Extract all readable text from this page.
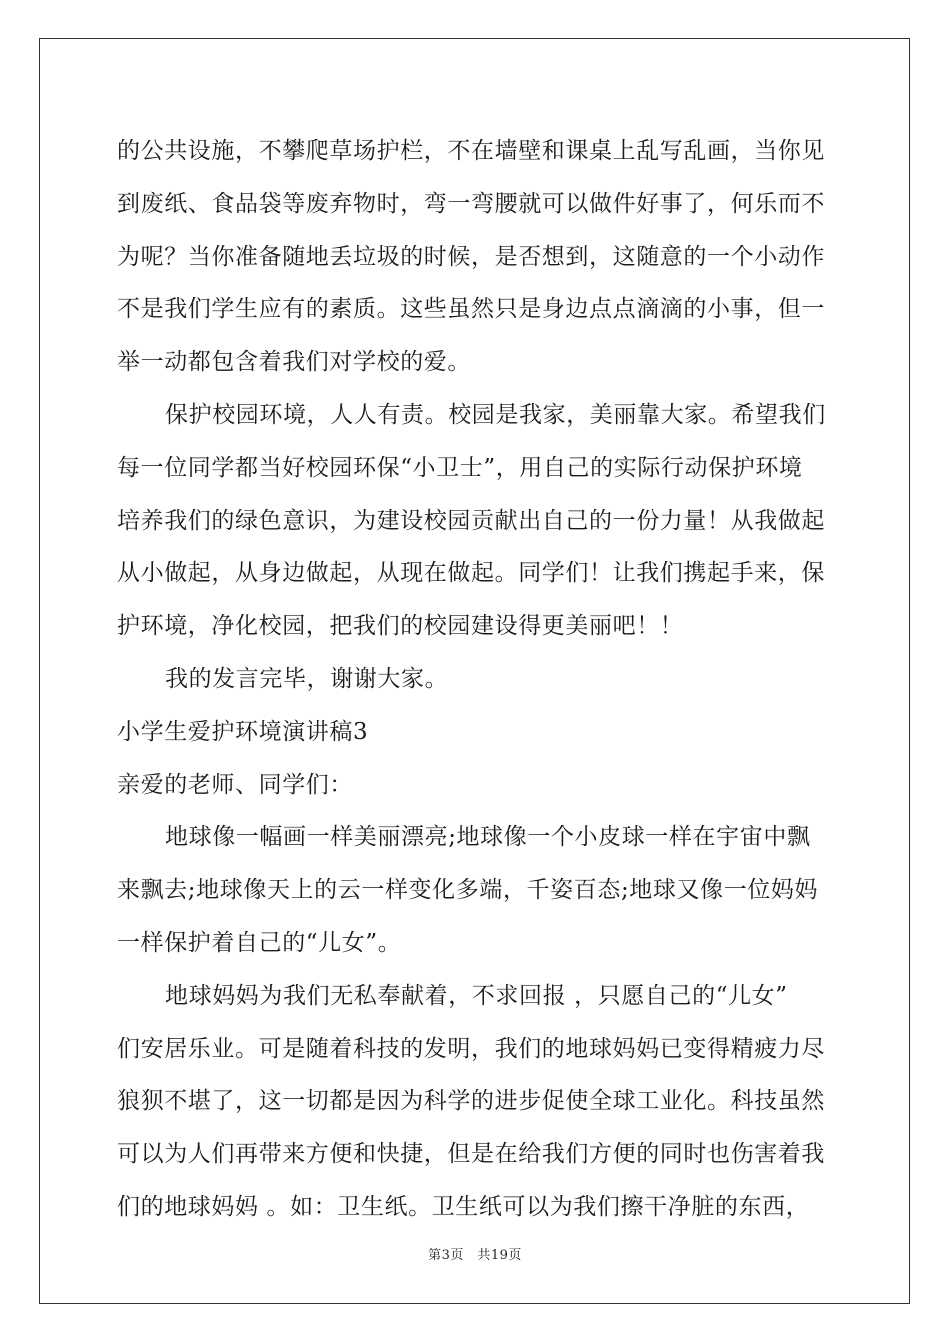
的公共设施，不攀爬草场护栏，不在墙壁和课桌上乱写乱画，当你见
到废纸、食品袋等废弃物时，弯一弯腰就可以做件好事了，何乐而不
为呢？当你准备随地丢垃圾的时候，是否想到，这随意的一个小动作
不是我们学生应有的素质。这些虽然只是身边点点滴滴的小事，但一
举一动都包含着我们对学校的爱。
保护校园环境，人人有责。校园是我家，美丽靠大家。希望我们
每一位同学都当好校园环保“小卫士”，用自己的实际行动保护环境
培养我们的绿色意识，为建设校园贡献出自己的一份力量！从我做起
从小做起，从身边做起，从现在做起。同学们！让我们携起手来，保
护环境，净化校园，把我们的校园建设得更美丽吧！！
我的发言完毕，谢谢大家。
小学生爱护环境演讲稿3
亲爱的老师、同学们：
地球像一幅画一样美丽漂亮;地球像一个小皮球一样在宇宙中飘
来飘去;地球像天上的云一样变化多端，千姿百态;地球又像一位妈妈
一样保护着自己的“儿女”。
地球妈妈为我们无私奉献着，不求回报 ，只愿自己的“儿女”
们安居乐业。可是随着科技的发明，我们的地球妈妈已变得精疲力尽
狼狈不堪了，这一切都是因为科学的进步促使全球工业化。科技虽然
可以为人们再带来方便和快捷，但是在给我们方便的同时也伤害着我
们的地球妈妈 。如：卫生纸。卫生纸可以为我们擦干净脏的东西，
第3页　共19页
